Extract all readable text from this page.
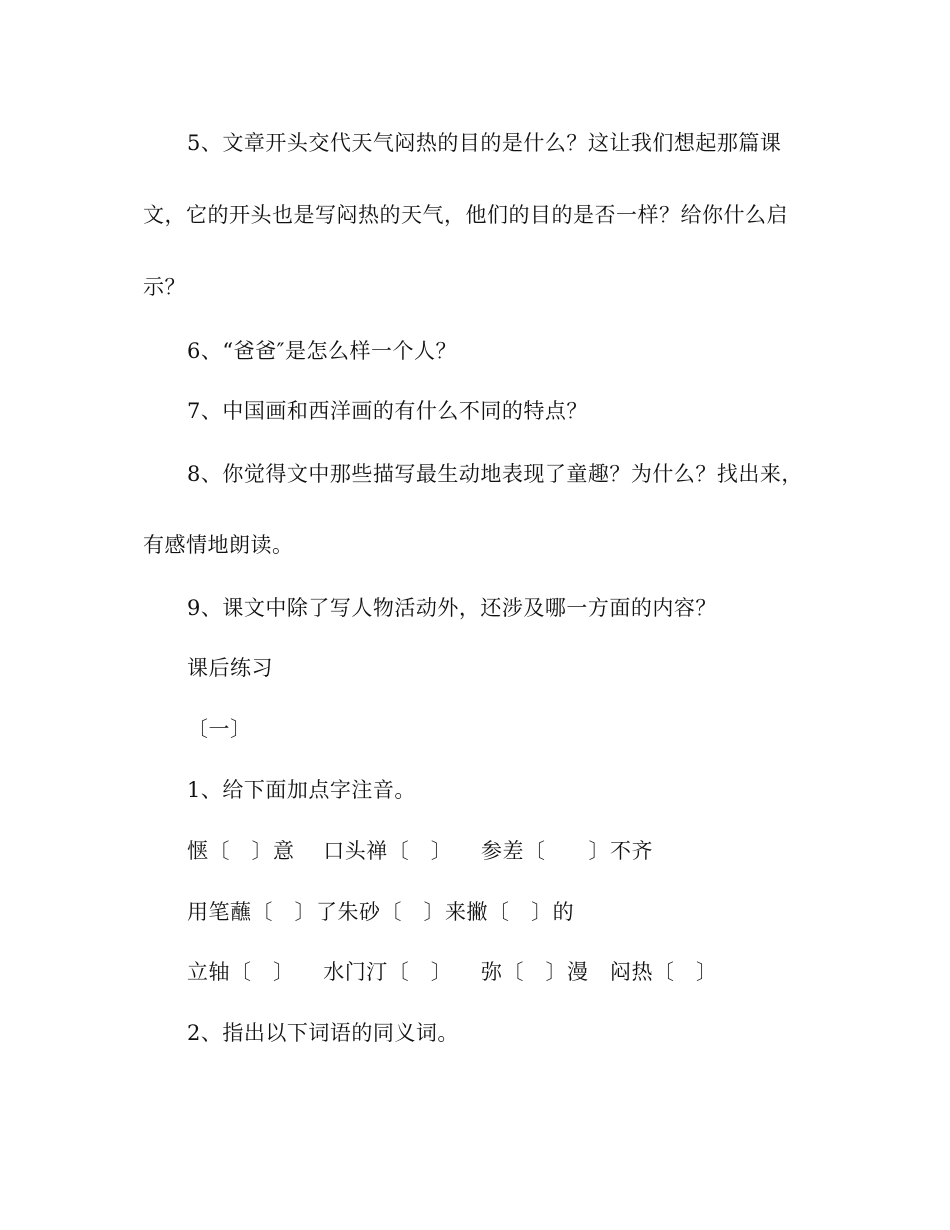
5、文章开头交代天气闷热的目的是什么？这让我们想起那篇课
文，它的开头也是写闷热的天气，他们的目的是否一样？给你什么启
示？
6、“爸爸″是怎么样一个人？
7、中国画和西洋画的有什么不同的特点？
8、你觉得文中那些描写最生动地表现了童趣？为什么？找出来，
有感情地朗读。
9、课文中除了写人物活动外，还涉及哪一方面的内容？
课后练习
〔一〕
1、给下面加点字注音。
惬〔   〕意    口头禅〔   〕    参差〔      〕不齐
用笔蘸〔   〕了朱砂〔   〕来撇〔   〕的
立轴〔   〕    水门汀〔   〕    弥〔   〕漫   闷热〔   〕
2、指出以下词语的同义词。
